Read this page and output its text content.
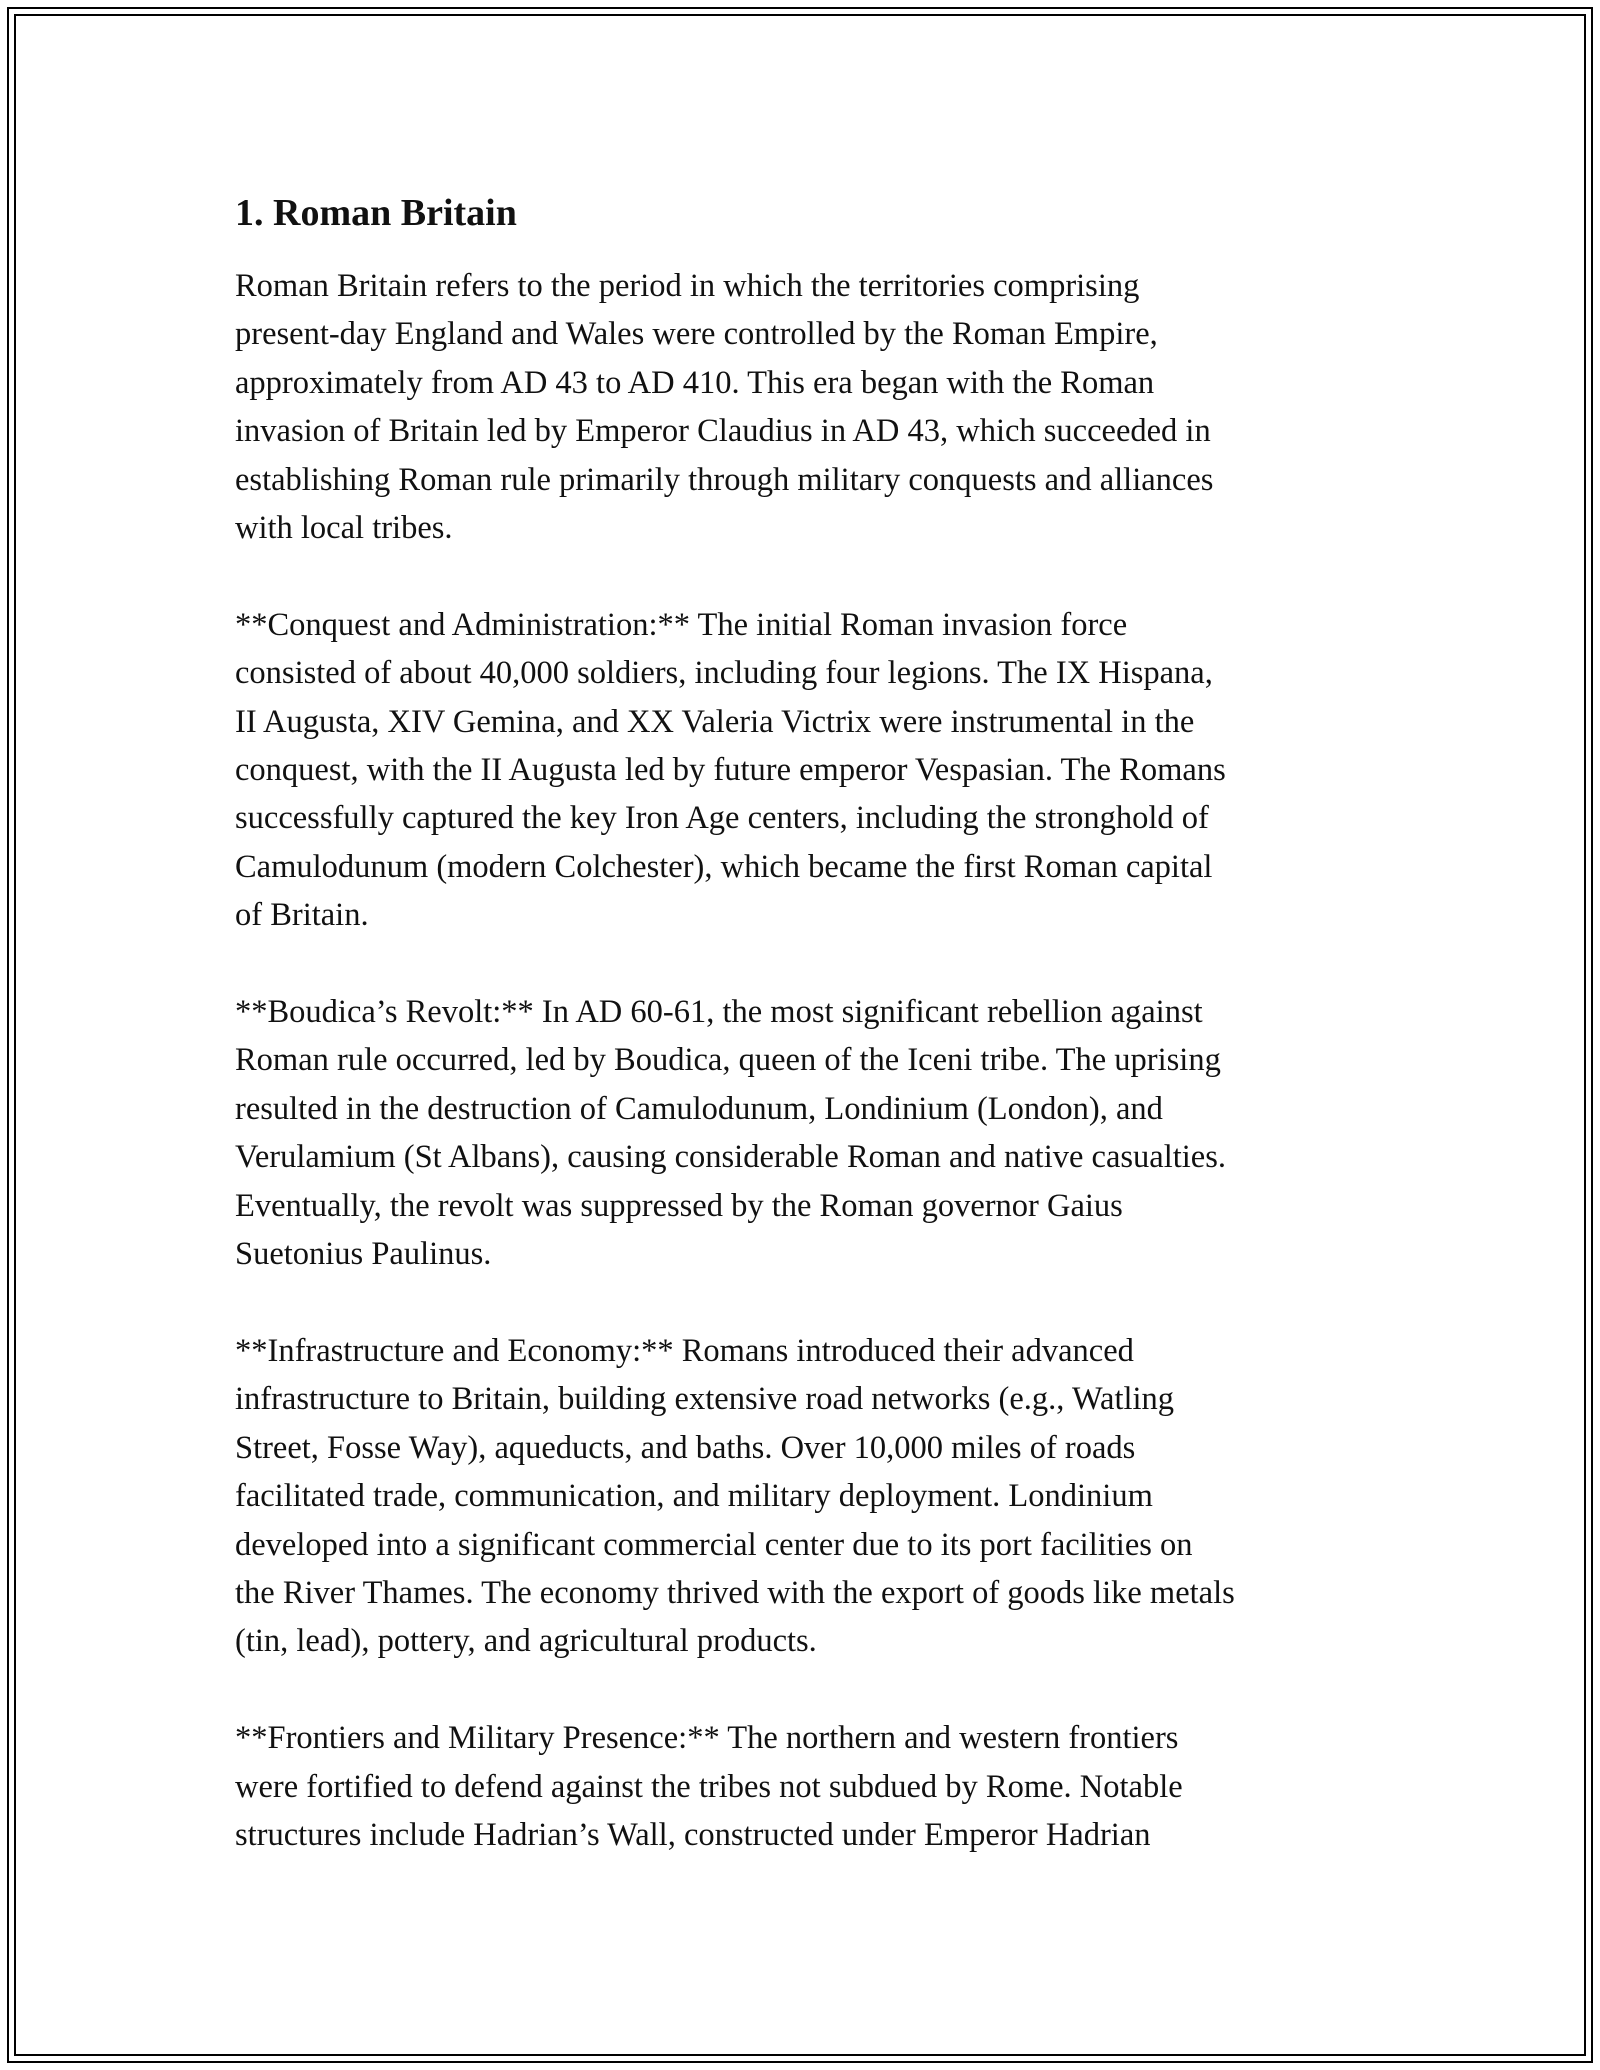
1. Roman Britain

Roman Britain refers to the period in which the territories comprising
present-day England and Wales were controlled by the Roman Empire,
approximately from AD 43 to AD 410. This era began with the Roman
invasion of Britain led by Emperor Claudius in AD 43, which succeeded in
establishing Roman rule primarily through military conquests and alliances
with local tribes.

**Conquest and Administration:** The initial Roman invasion force
consisted of about 40,000 soldiers, including four legions. The IX Hispana,
II Augusta, XIV Gemina, and XX Valeria Victrix were instrumental in the
conquest, with the II Augusta led by future emperor Vespasian. The Romans
successfully captured the key Iron Age centers, including the stronghold of
Camulodunum (modern Colchester), which became the first Roman capital
of Britain.

**Boudica’s Revolt:** In AD 60-61, the most significant rebellion against
Roman rule occurred, led by Boudica, queen of the Iceni tribe. The uprising
resulted in the destruction of Camulodunum, Londinium (London), and
Verulamium (St Albans), causing considerable Roman and native casualties.
Eventually, the revolt was suppressed by the Roman governor Gaius
Suetonius Paulinus.

**Infrastructure and Economy:** Romans introduced their advanced
infrastructure to Britain, building extensive road networks (e.g., Watling
Street, Fosse Way), aqueducts, and baths. Over 10,000 miles of roads
facilitated trade, communication, and military deployment. Londinium
developed into a significant commercial center due to its port facilities on
the River Thames. The economy thrived with the export of goods like metals
(tin, lead), pottery, and agricultural products.

**Frontiers and Military Presence:** The northern and western frontiers
were fortified to defend against the tribes not subdued by Rome. Notable
structures include Hadrian’s Wall, constructed under Emperor Hadrian
